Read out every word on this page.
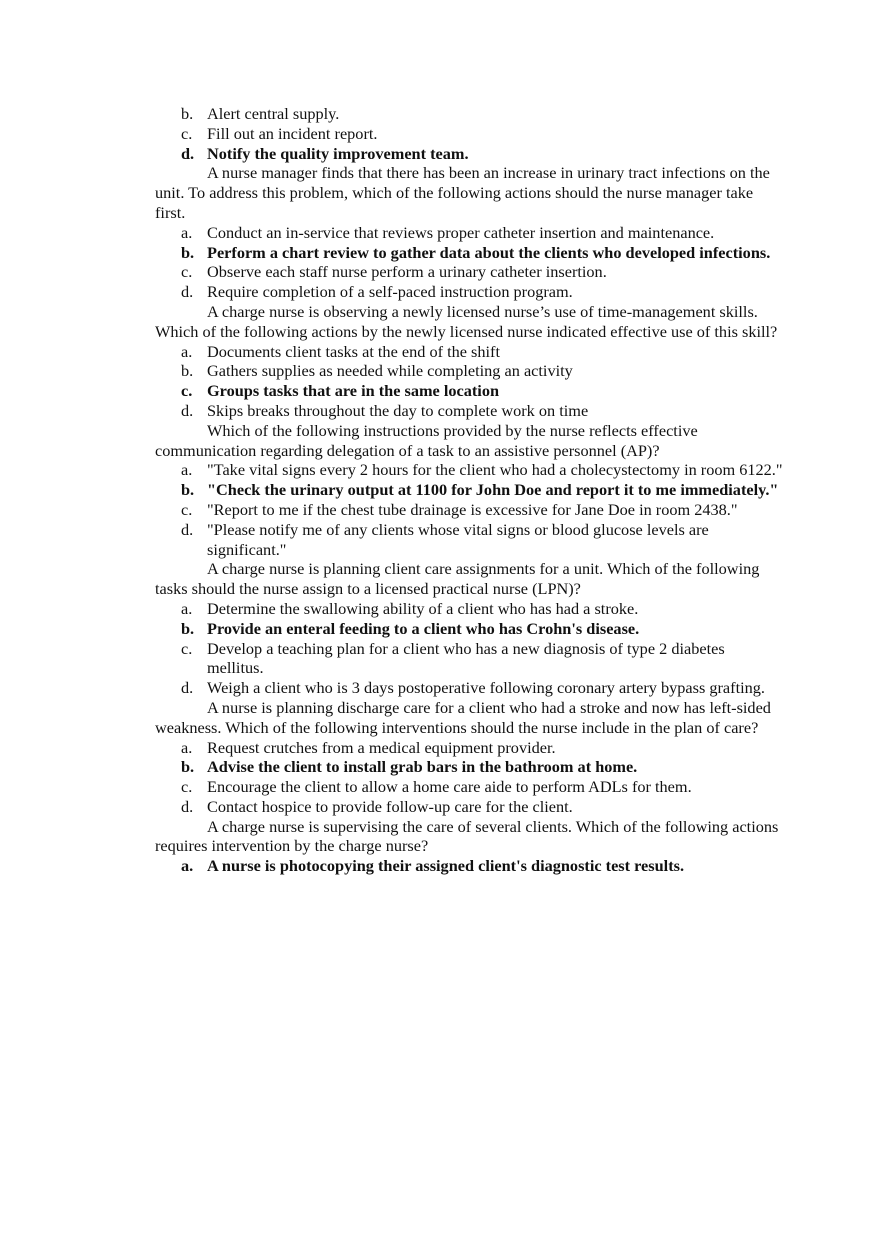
b. Alert central supply.
c. Fill out an incident report.
d. Notify the quality improvement team.
A nurse manager finds that there has been an increase in urinary tract infections on the unit. To address this problem, which of the following actions should the nurse manager take first.
a. Conduct an in-service that reviews proper catheter insertion and maintenance.
b. Perform a chart review to gather data about the clients who developed infections.
c. Observe each staff nurse perform a urinary catheter insertion.
d. Require completion of a self-paced instruction program.
A charge nurse is observing a newly licensed nurse’s use of time-management skills. Which of the following actions by the newly licensed nurse indicated effective use of this skill?
a. Documents client tasks at the end of the shift
b. Gathers supplies as needed while completing an activity
c. Groups tasks that are in the same location
d. Skips breaks throughout the day to complete work on time
Which of the following instructions provided by the nurse reflects effective communication regarding delegation of a task to an assistive personnel (AP)?
a. "Take vital signs every 2 hours for the client who had a cholecystectomy in room 6122."
b. "Check the urinary output at 1100 for John Doe and report it to me immediately."
c. "Report to me if the chest tube drainage is excessive for Jane Doe in room 2438."
d. "Please notify me of any clients whose vital signs or blood glucose levels are significant."
A charge nurse is planning client care assignments for a unit. Which of the following tasks should the nurse assign to a licensed practical nurse (LPN)?
a. Determine the swallowing ability of a client who has had a stroke.
b. Provide an enteral feeding to a client who has Crohn's disease.
c. Develop a teaching plan for a client who has a new diagnosis of type 2 diabetes mellitus.
d. Weigh a client who is 3 days postoperative following coronary artery bypass grafting.
A nurse is planning discharge care for a client who had a stroke and now has left-sided weakness. Which of the following interventions should the nurse include in the plan of care?
a. Request crutches from a medical equipment provider.
b. Advise the client to install grab bars in the bathroom at home.
c. Encourage the client to allow a home care aide to perform ADLs for them.
d. Contact hospice to provide follow-up care for the client.
A charge nurse is supervising the care of several clients. Which of the following actions requires intervention by the charge nurse?
a. A nurse is photocopying their assigned client's diagnostic test results.
